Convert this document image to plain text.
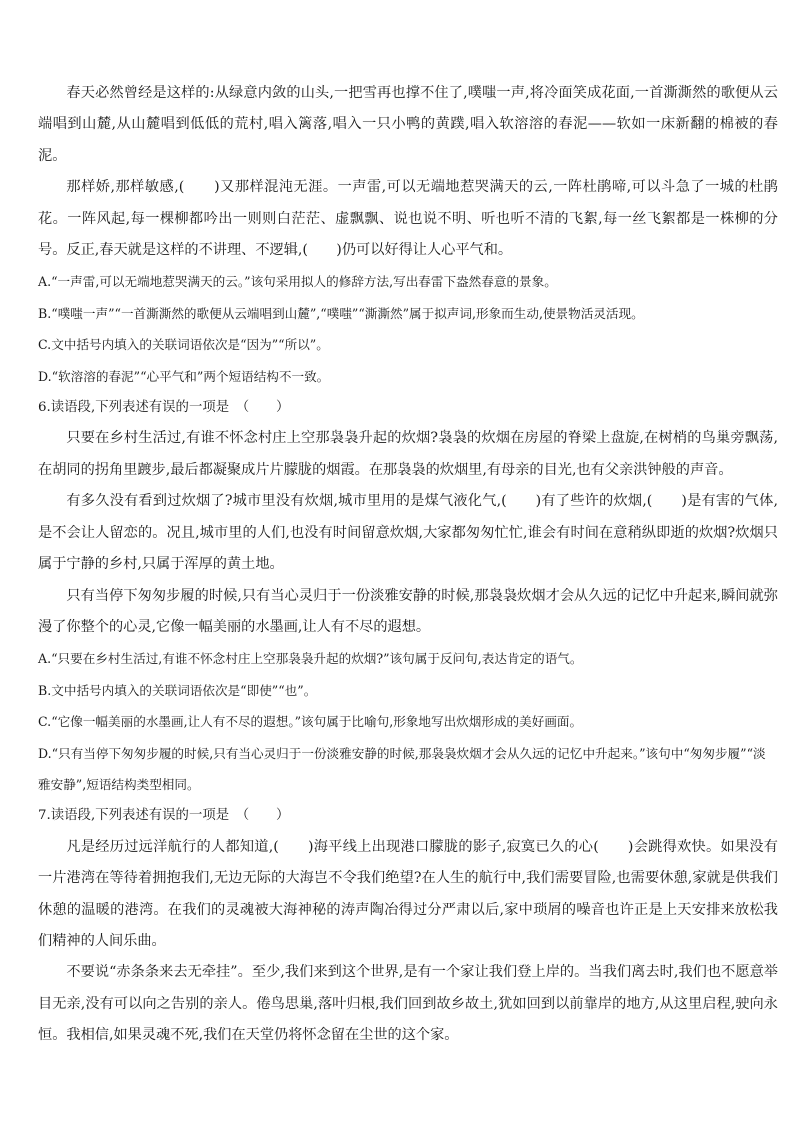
春天必然曾经是这样的:从绿意内敛的山头,一把雪再也撑不住了,噗嗤一声,将冷面笑成花面,一首澌澌然的歌便从云端唱到山麓,从山麓唱到低低的荒村,唱入篱落,唱入一只小鸭的黄蹼,唱入软溶溶的春泥——软如一床新翻的棉被的春泥。

那样娇,那样敏感,(　　)又那样混沌无涯。一声雷,可以无端地惹哭满天的云,一阵杜鹃啼,可以斗急了一城的杜鹃花。一阵风起,每一棵柳都吟出一则则白茫茫、虚飘飘、说也说不明、听也听不清的飞絮,每一丝飞絮都是一株柳的分号。反正,春天就是这样的不讲理、不逻辑,(　　)仍可以好得让人心平气和。

A.“一声雷,可以无端地惹哭满天的云。”该句采用拟人的修辞方法,写出春雷下盎然春意的景象。

B.“噗嗤一声”“一首澌澌然的歌便从云端唱到山麓”,“噗嗤”“澌澌然”属于拟声词,形象而生动,使景物活灵活现。

C.文中括号内填入的关联词语依次是“因为”“所以”。

D.“软溶溶的春泥”“心平气和”两个短语结构不一致。

6.读语段,下列表述有误的一项是　（　　）

只要在乡村生活过,有谁不怀念村庄上空那袅袅升起的炊烟?袅袅的炊烟在房屋的脊梁上盘旋,在树梢的鸟巢旁飘荡,在胡同的拐角里踱步,最后都凝聚成片片朦胧的烟霞。在那袅袅的炊烟里,有母亲的目光,也有父亲洪钟般的声音。

有多久没有看到过炊烟了?城市里没有炊烟,城市里用的是煤气液化气,(　　)有了些许的炊烟,(　　)是有害的气体,是不会让人留恋的。况且,城市里的人们,也没有时间留意炊烟,大家都匆匆忙忙,谁会有时间在意稍纵即逝的炊烟?炊烟只属于宁静的乡村,只属于浑厚的黄土地。

只有当停下匆匆步履的时候,只有当心灵归于一份淡雅安静的时候,那袅袅炊烟才会从久远的记忆中升起来,瞬间就弥漫了你整个的心灵,它像一幅美丽的水墨画,让人有不尽的遐想。

A.“只要在乡村生活过,有谁不怀念村庄上空那袅袅升起的炊烟?”该句属于反问句,表达肯定的语气。

B.文中括号内填入的关联词语依次是“即使”“也”。

C.“它像一幅美丽的水墨画,让人有不尽的遐想。”该句属于比喻句,形象地写出炊烟形成的美好画面。

D.“只有当停下匆匆步履的时候,只有当心灵归于一份淡雅安静的时候,那袅袅炊烟才会从久远的记忆中升起来。”该句中“匆匆步履”“淡雅安静”,短语结构类型相同。

7.读语段,下列表述有误的一项是　（　　）

凡是经历过远洋航行的人都知道,(　　)海平线上出现港口朦胧的影子,寂寞已久的心(　　)会跳得欢快。如果没有一片港湾在等待着拥抱我们,无边无际的大海岂不令我们绝望?在人生的航行中,我们需要冒险,也需要休憩,家就是供我们休憩的温暖的港湾。在我们的灵魂被大海神秘的涛声陶冶得过分严肃以后,家中琐屑的噪音也许正是上天安排来放松我们精神的人间乐曲。

不要说“赤条条来去无牵挂”。至少,我们来到这个世界,是有一个家让我们登上岸的。当我们离去时,我们也不愿意举目无亲,没有可以向之告别的亲人。倦鸟思巢,落叶归根,我们回到故乡故土,犹如回到以前靠岸的地方,从这里启程,驶向永恒。我相信,如果灵魂不死,我们在天堂仍将怀念留在尘世的这个家。
